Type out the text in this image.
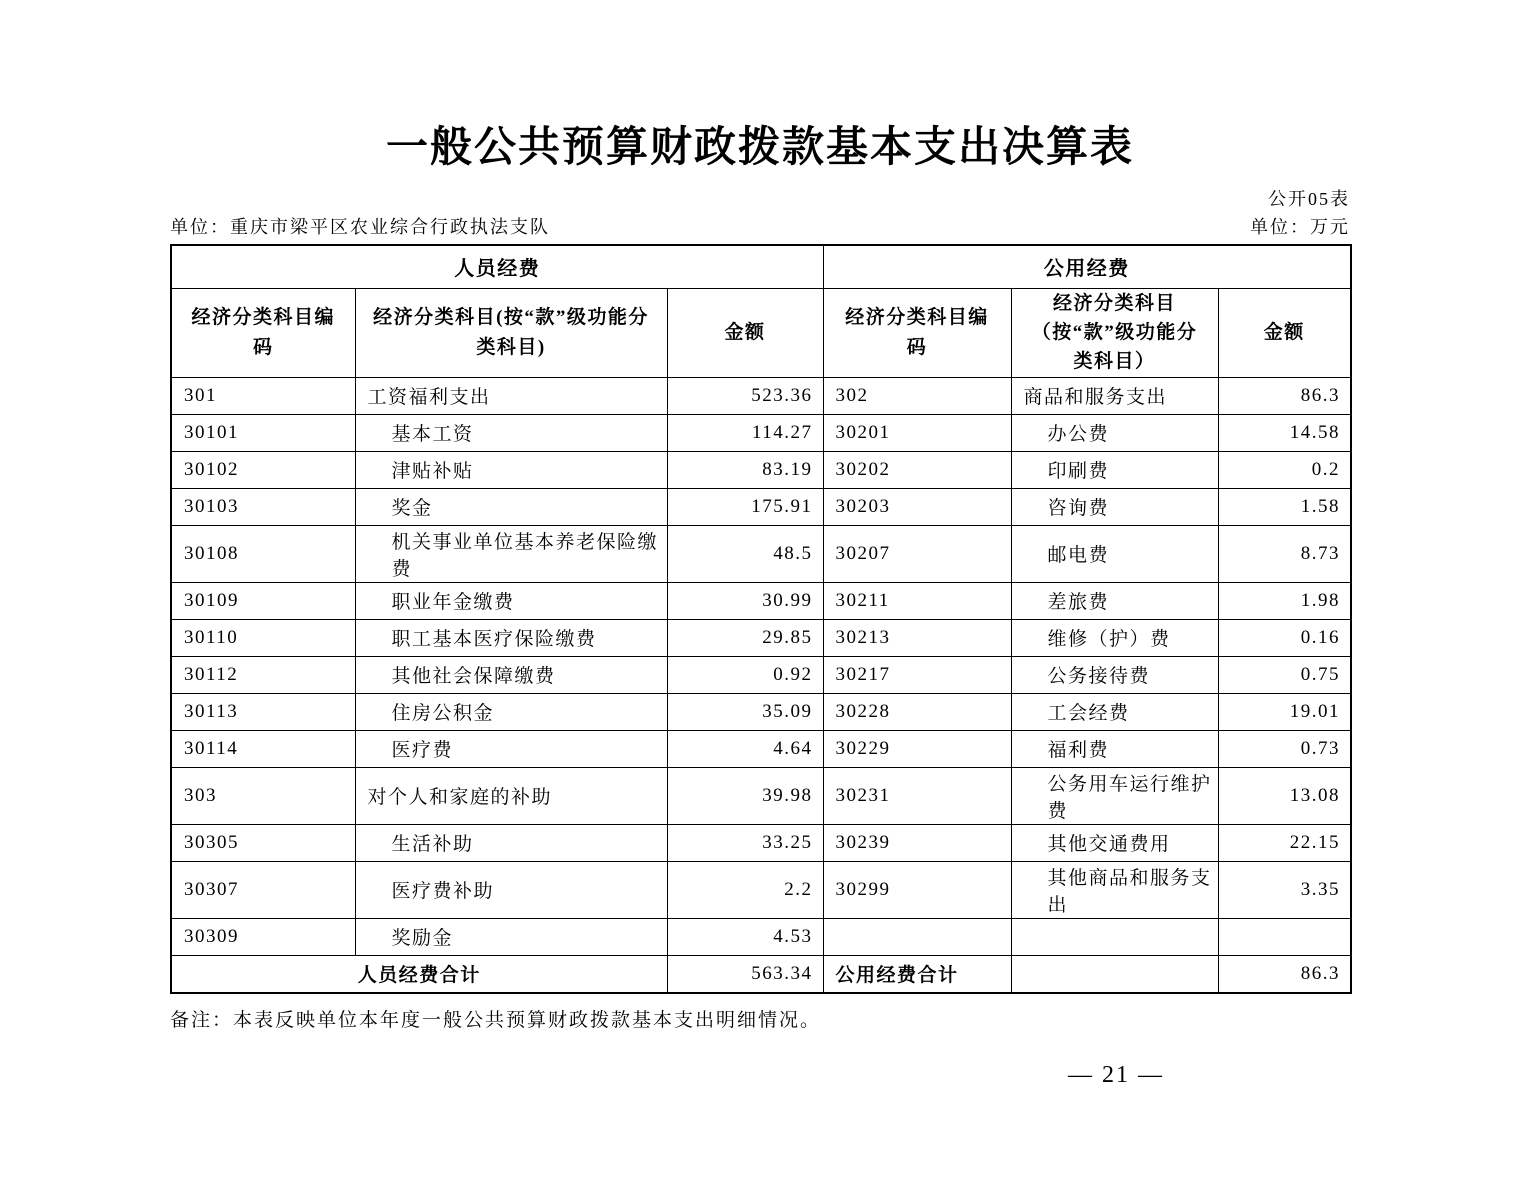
一般公共预算财政拨款基本支出决算表
公开05表
单位：重庆市梁平区农业综合行政执法支队	单位：万元
人员经费			公用经费		
经济分类科目编码	经济分类科目(按“款”级功能分类科目)	金额	经济分类科目编码	经济分类科目（按“款”级功能分类科目）	金额
301	工资福利支出	523.36	302	商品和服务支出	86.3
30101	基本工资	114.27	30201	办公费	14.58
30102	津贴补贴	83.19	30202	印刷费	0.2
30103	奖金	175.91	30203	咨询费	1.58
30108	机关事业单位基本养老保险缴费	48.5	30207	邮电费	8.73
30109	职业年金缴费	30.99	30211	差旅费	1.98
30110	职工基本医疗保险缴费	29.85	30213	维修（护）费	0.16
30112	其他社会保障缴费	0.92	30217	公务接待费	0.75
30113	住房公积金	35.09	30228	工会经费	19.01
30114	医疗费	4.64	30229	福利费	0.73
303	对个人和家庭的补助	39.98	30231	公务用车运行维护费	13.08
30305	生活补助	33.25	30239	其他交通费用	22.15
30307	医疗费补助	2.2	30299	其他商品和服务支出	3.35
30309	奖励金	4.53			
人员经费合计		563.34	公用经费合计		86.3
备注：本表反映单位本年度一般公共预算财政拨款基本支出明细情况。
— 21 —
